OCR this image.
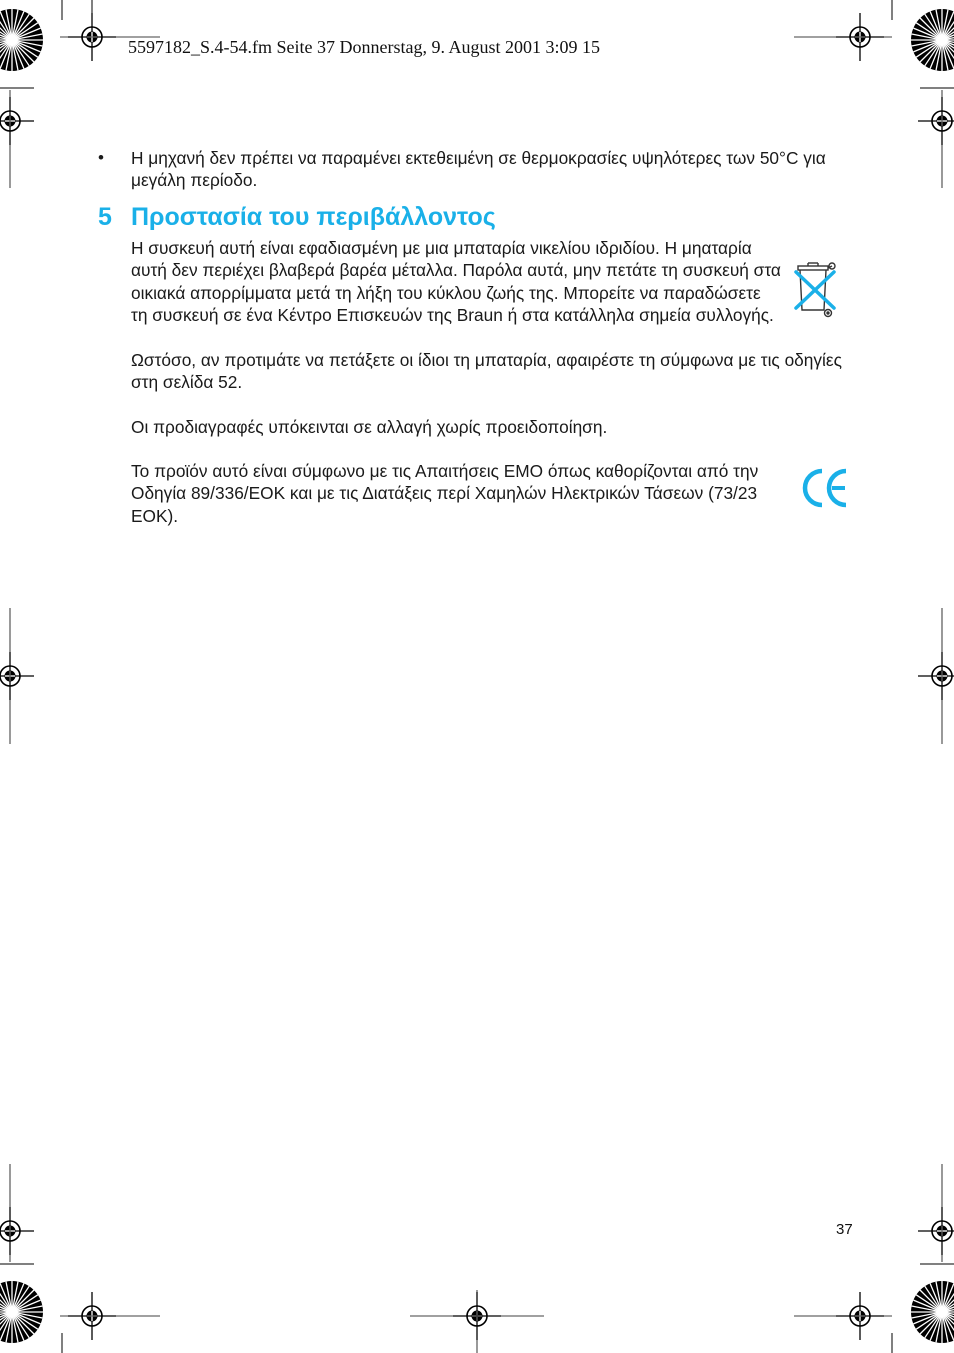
5597182_S.4-54.fm Seite 37 Donnerstag, 9. August 2001 3:09 15
• Η μηχανή δεν πρέπει να παραμένει εκτεθειμένη σε θερμοκρασίες υψηλότερες των 50°C για μεγάλη περίοδο.
5 Προστασία του περιβάλλοντος
Η συσκευή αυτή είναι εφαδιασμένη με μια μπαταρία νικελίου ιδριδίου. Η μηαταρία αυτή δεν περιέχει βλαβερά βαρέα μέταλλα. Παρόλα αυτά, μην πετάτε τη συσκευή στα οικιακά απορρίμματα μετά τη λήξη του κύκλου ζωής της. Μπορείτε να παραδώσετε τη συσκευή σε ένα Κέντρο Επισκευών της Braun ή στα κατάλληλα σημεία συλλογής.
Ωστόσο, αν προτιμάτε να πετάξετε οι ίδιοι τη μπαταρία, αφαιρέστε τη σύμφωνα με τις οδηγίες στη σελίδα 52.
Οι προδιαγραφές υπόκεινται σε αλλαγή χωρίς προειδοποίηση.
Το προϊόν αυτό είναι σύμφωνο με τις Απαιτήσεις ΕΜΟ όπως καθορίζονται από την Οδηγία 89/336/ΕΟΚ και με τις Διατάξεις περί Χαμηλών Ηλεκτρικών Τάσεων (73/23 ΕΟΚ).
37
